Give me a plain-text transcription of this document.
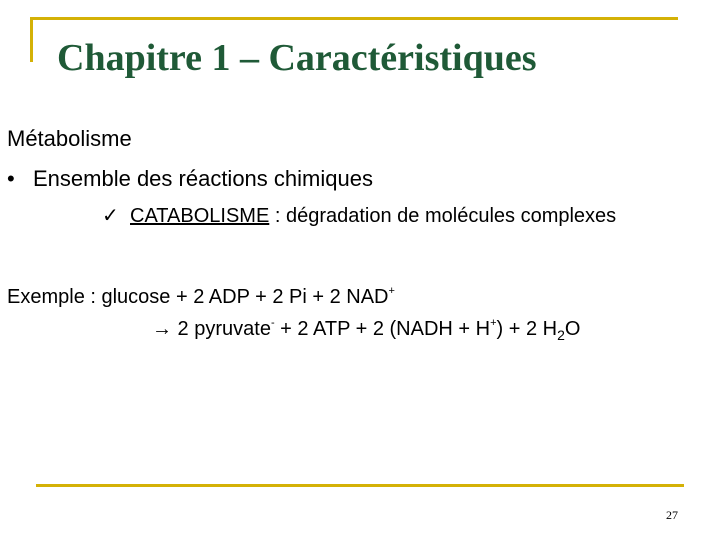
Chapitre 1 – Caractéristiques
Métabolisme
• Ensemble des réactions chimiques
✓ CATABOLISME : dégradation de molécules complexes
Exemple : glucose + 2 ADP + 2 Pi + 2 NAD+
→ 2 pyruvate- + 2 ATP + 2 (NADH + H+) + 2 $H_2O$
27
